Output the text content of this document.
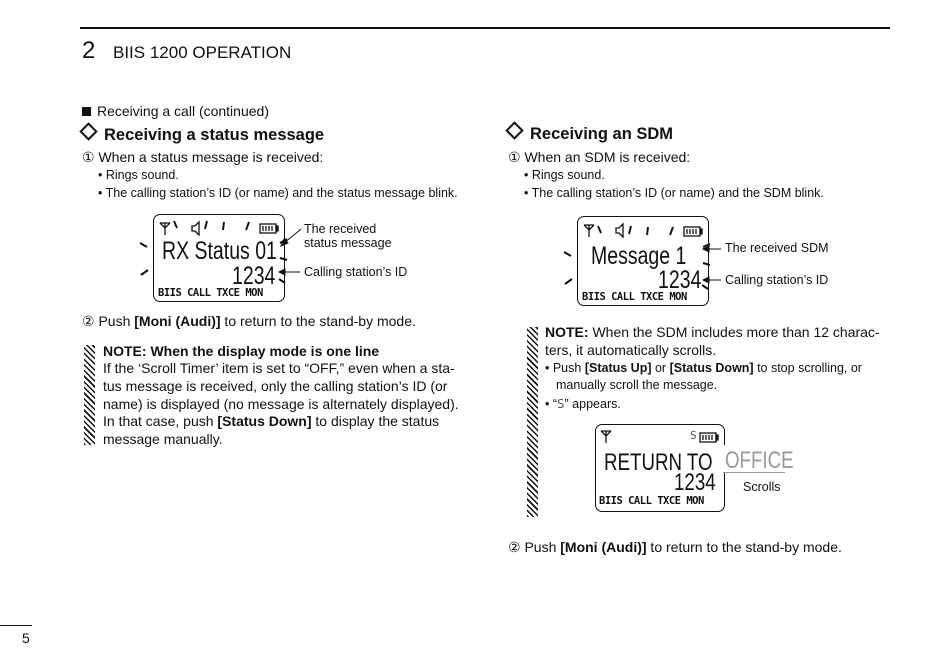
2 BIIS 1200 OPERATION
Receiving a call (continued)
Receiving a status message
① When a status message is received:
• Rings sound.
• The calling station’s ID (or name) and the status message blink.
RX Status 01
1234
BIIS CALL TXCE MON
The received
status message
Calling station’s ID
② Push [Moni (Audi)] to return to the stand-by mode.
NOTE: When the display mode is one line
If the ‘Scroll Timer’ item is set to “OFF,” even when a sta-
tus message is received, only the calling station’s ID (or
name) is displayed (no message is alternately displayed).
In that case, push [Status Down] to display the status
message manually.
Receiving an SDM
① When an SDM is received:
• Rings sound.
• The calling station’s ID (or name) and the SDM blink.
Message 1
1234
BIIS CALL TXCE MON
The received SDM
Calling station’s ID
NOTE: When the SDM includes more than 12 charac-
ters, it automatically scrolls.
• Push [Status Up] or [Status Down] to stop scrolling, or
manually scroll the message.
• “S” appears.
S
RETURN TO
BIIS CALL TXCE MON
1234
OFFICE
Scrolls
② Push [Moni (Audi)] to return to the stand-by mode.
5
